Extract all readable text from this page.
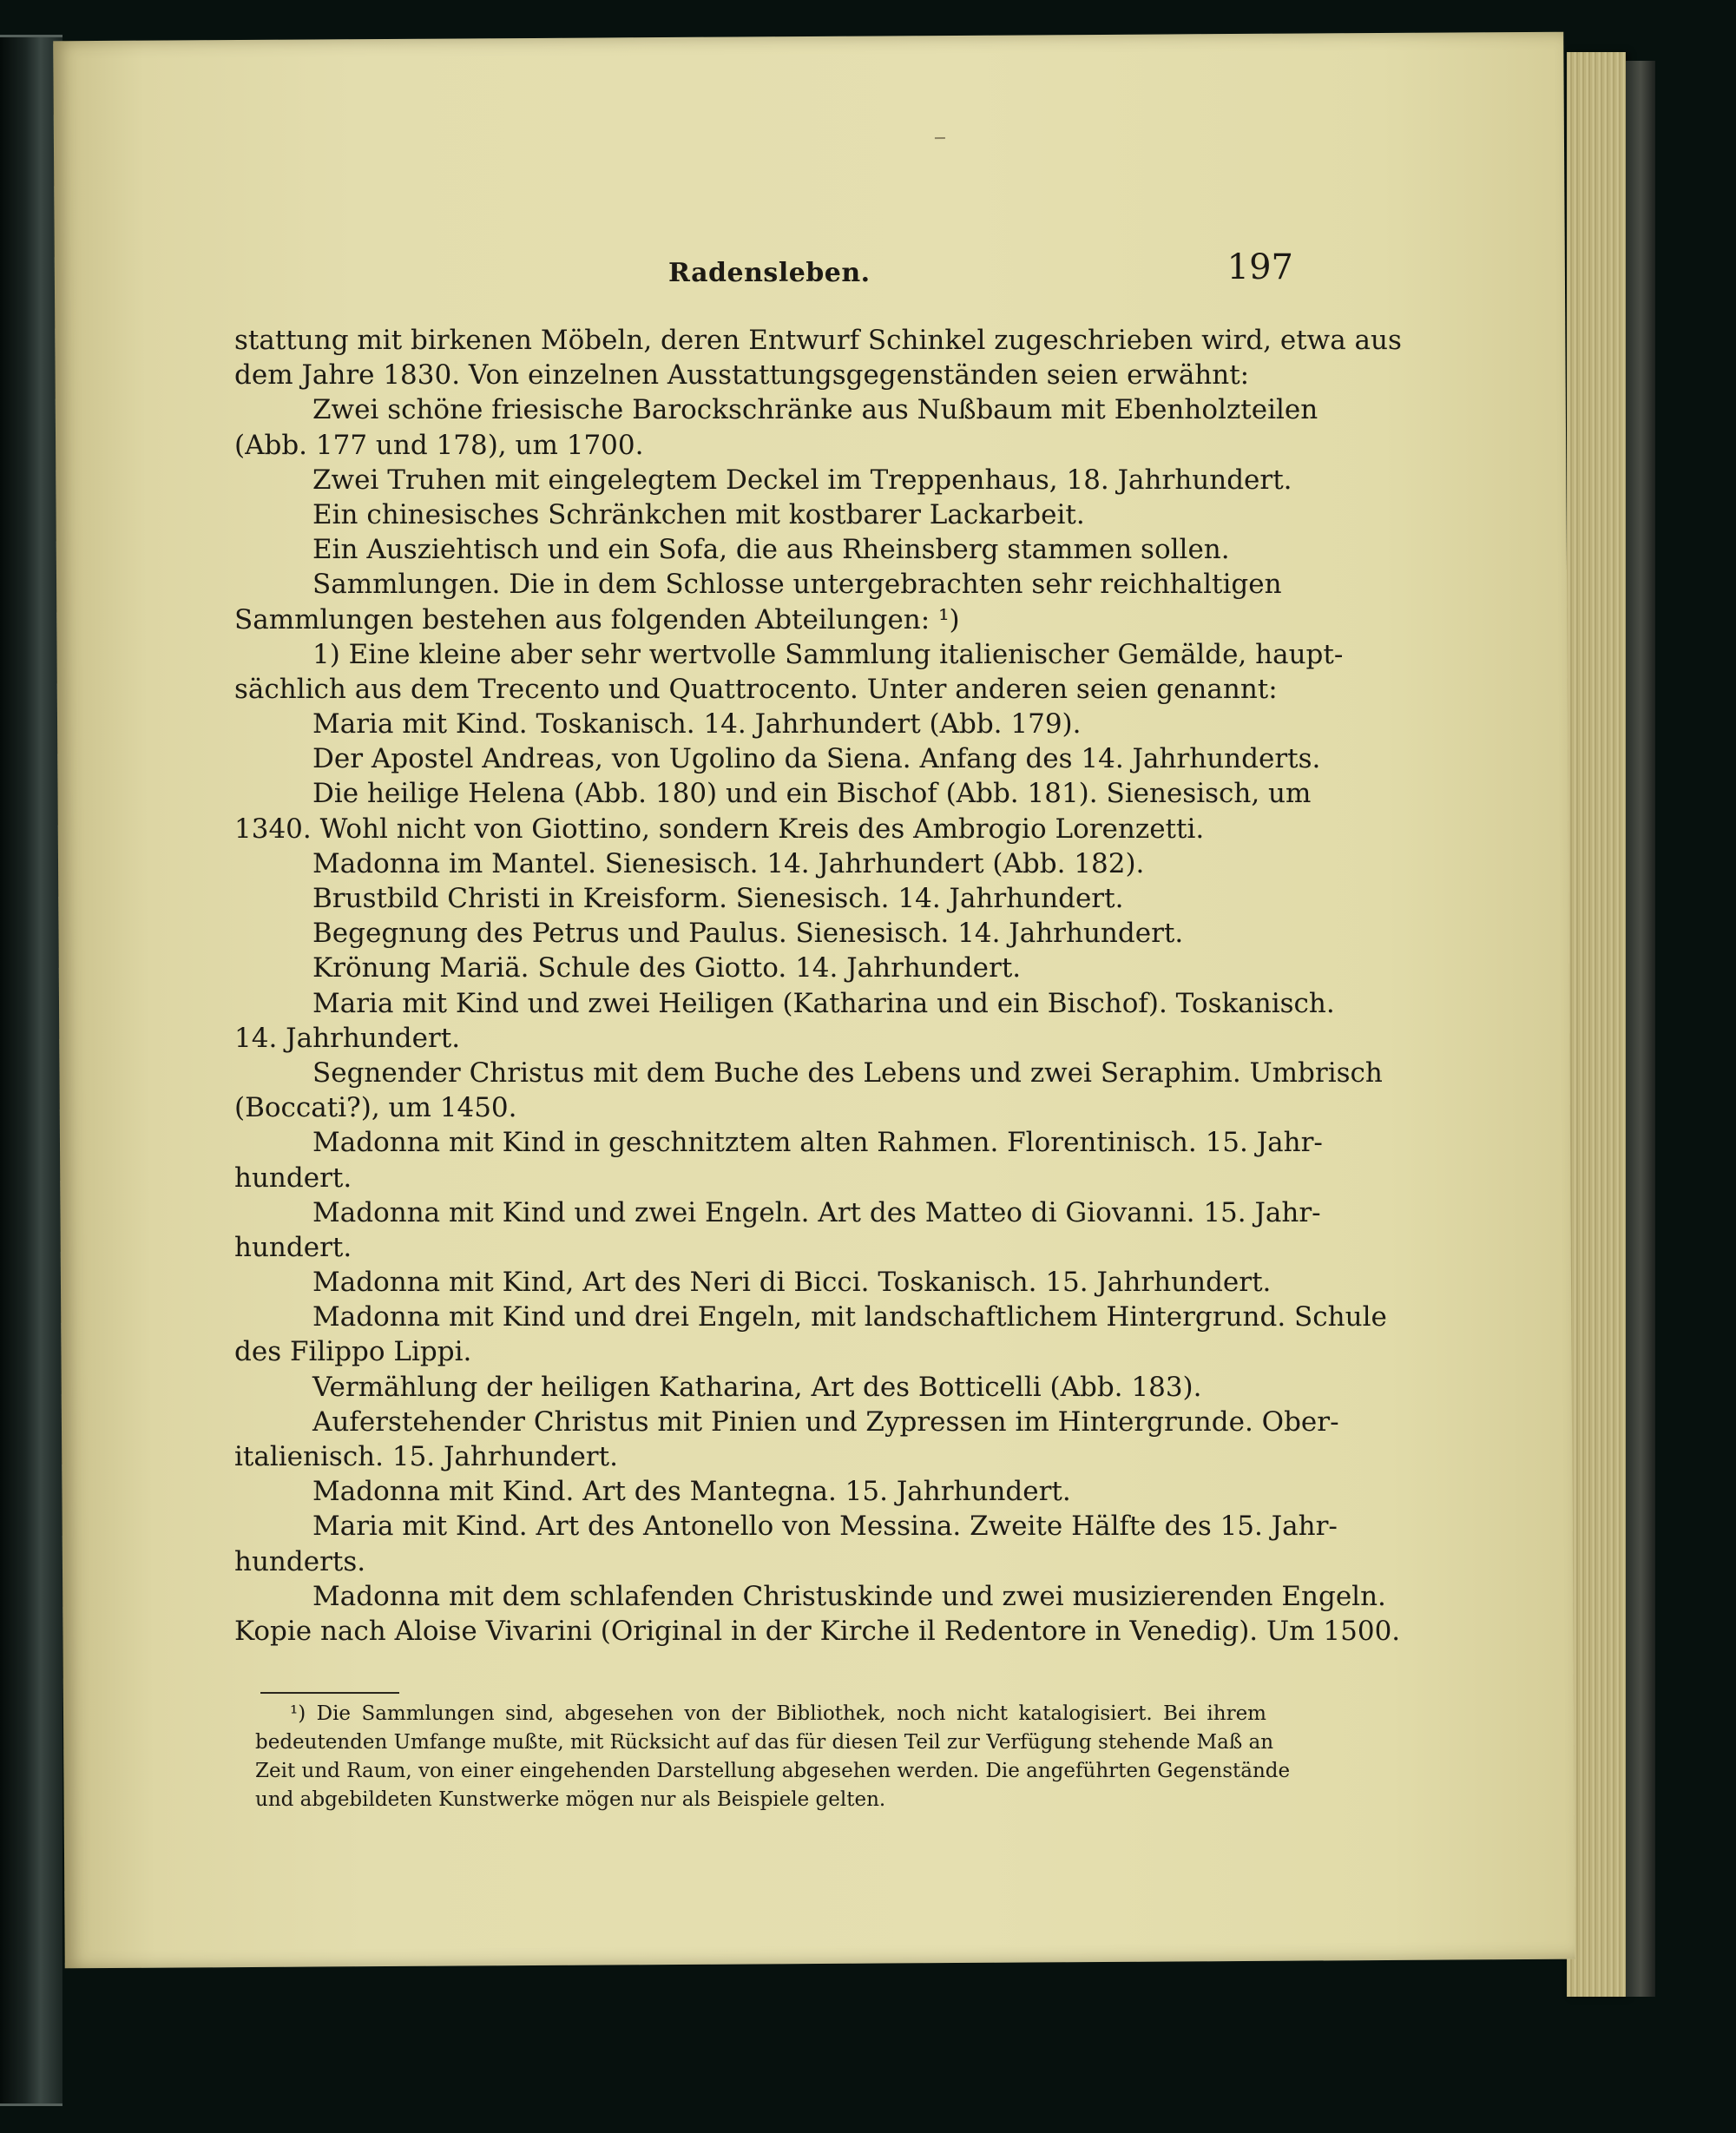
Radensleben.	197
stattung mit birkenen Möbeln, deren Entwurf Schinkel zugeschrieben wird, etwa aus
dem Jahre 1830. Von einzelnen Ausstattungsgegenständen seien erwähnt:
Zwei schöne friesische Barockschränke aus Nußbaum mit Ebenholzteilen
(Abb. 177 und 178), um 1700.
Zwei Truhen mit eingelegtem Deckel im Treppenhaus, 18. Jahrhundert.
Ein chinesisches Schränkchen mit kostbarer Lackarbeit.
Ein Ausziehtisch und ein Sofa, die aus Rheinsberg stammen sollen.
Sammlungen. Die in dem Schlosse untergebrachten sehr reichhaltigen
Sammlungen bestehen aus folgenden Abteilungen: ¹)
1) Eine kleine aber sehr wertvolle Sammlung italienischer Gemälde, haupt-
sächlich aus dem Trecento und Quattrocento. Unter anderen seien genannt:
Maria mit Kind. Toskanisch. 14. Jahrhundert (Abb. 179).
Der Apostel Andreas, von Ugolino da Siena. Anfang des 14. Jahrhunderts.
Die heilige Helena (Abb. 180) und ein Bischof (Abb. 181). Sienesisch, um
1340. Wohl nicht von Giottino, sondern Kreis des Ambrogio Lorenzetti.
Madonna im Mantel. Sienesisch. 14. Jahrhundert (Abb. 182).
Brustbild Christi in Kreisform. Sienesisch. 14. Jahrhundert.
Begegnung des Petrus und Paulus. Sienesisch. 14. Jahrhundert.
Krönung Mariä. Schule des Giotto. 14. Jahrhundert.
Maria mit Kind und zwei Heiligen (Katharina und ein Bischof). Toskanisch.
14. Jahrhundert.
Segnender Christus mit dem Buche des Lebens und zwei Seraphim. Umbrisch
(Boccati?), um 1450.
Madonna mit Kind in geschnitztem alten Rahmen. Florentinisch. 15. Jahr-
hundert.
Madonna mit Kind und zwei Engeln. Art des Matteo di Giovanni. 15. Jahr-
hundert.
Madonna mit Kind, Art des Neri di Bicci. Toskanisch. 15. Jahrhundert.
Madonna mit Kind und drei Engeln, mit landschaftlichem Hintergrund. Schule
des Filippo Lippi.
Vermählung der heiligen Katharina, Art des Botticelli (Abb. 183).
Auferstehender Christus mit Pinien und Zypressen im Hintergrunde. Ober-
italienisch. 15. Jahrhundert.
Madonna mit Kind. Art des Mantegna. 15. Jahrhundert.
Maria mit Kind. Art des Antonello von Messina. Zweite Hälfte des 15. Jahr-
hunderts.
Madonna mit dem schlafenden Christuskinde und zwei musizierenden Engeln.
Kopie nach Aloise Vivarini (Original in der Kirche il Redentore in Venedig). Um 1500.
¹) Die Sammlungen sind, abgesehen von der Bibliothek, noch nicht katalogisiert. Bei ihrem
bedeutenden Umfange mußte, mit Rücksicht auf das für diesen Teil zur Verfügung stehende Maß an
Zeit und Raum, von einer eingehenden Darstellung abgesehen werden. Die angeführten Gegenstände
und abgebildeten Kunstwerke mögen nur als Beispiele gelten.
